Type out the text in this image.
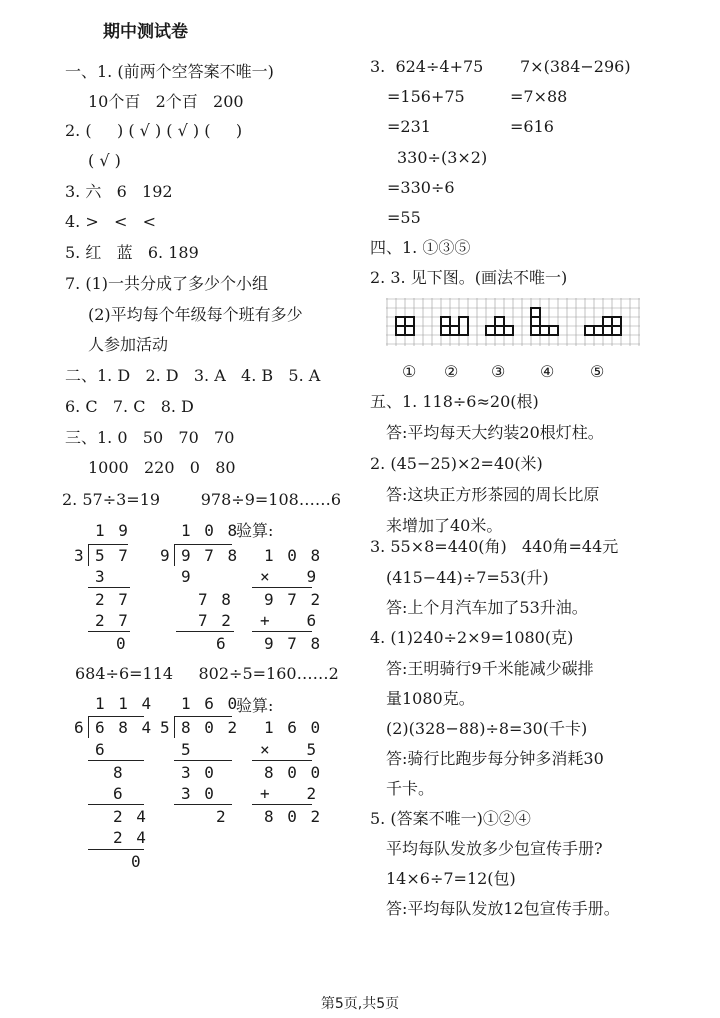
期中测试卷
一、1. (前两个空答案不唯一)
10个百   2个百   200
2. (     ) ( √ ) ( √ ) (     )
( √ )
3. 六   6   192
4. >   <   <
5. 红   蓝   6. 189
7. (1)一共分成了多少个小组
(2)平均每个年级每个班有多少
人参加活动
二、1. D   2. D   3. A   4. B   5. A
6. C   7. C   8. D
三、1. 0   50   70   70
1000   220   0   80
2. 57÷3=19        978÷9=108……6
1 9
3 5 7
3
2 7
2 7
0
1 0 8
9 9 7 8
9
7 8
7 2
6
验算:
1 0 8
×   9
9 7 2
+   6
9 7 8
684÷6=114     802÷5=160……2
1 1 4
6 6 8 4
6
8
6
2 4
2 4
0
1 6 0
5 8 0 2
5
3 0
3 0
2
验算:
1 6 0
×   5
8 0 0
+   2
8 0 2
3.  624÷4+75 7×(384−296)
=156+75	=7×88
=231	=616
330÷(3×2)
=330÷6
=55
四、1. ①③⑤
2. 3. 见下图。(画法不唯一)
① ② ③ ④ ⑤
五、1. 118÷6≈20(根)
答:平均每天大约装20根灯柱。
2. (45−25)×2=40(米)
答:这块正方形茶园的周长比原
来增加了40米。
3. 55×8=440(角)   440角=44元
(415−44)÷7=53(升)
答:上个月汽车加了53升油。
4. (1)240÷2×9=1080(克)
答:王明骑行9千米能减少碳排
量1080克。
(2)(328−88)÷8=30(千卡)
答:骑行比跑步每分钟多消耗30
千卡。
5. (答案不唯一)①②④
平均每队发放多少包宣传手册?
14×6÷7=12(包)
答:平均每队发放12包宣传手册。
第5页,共5页
